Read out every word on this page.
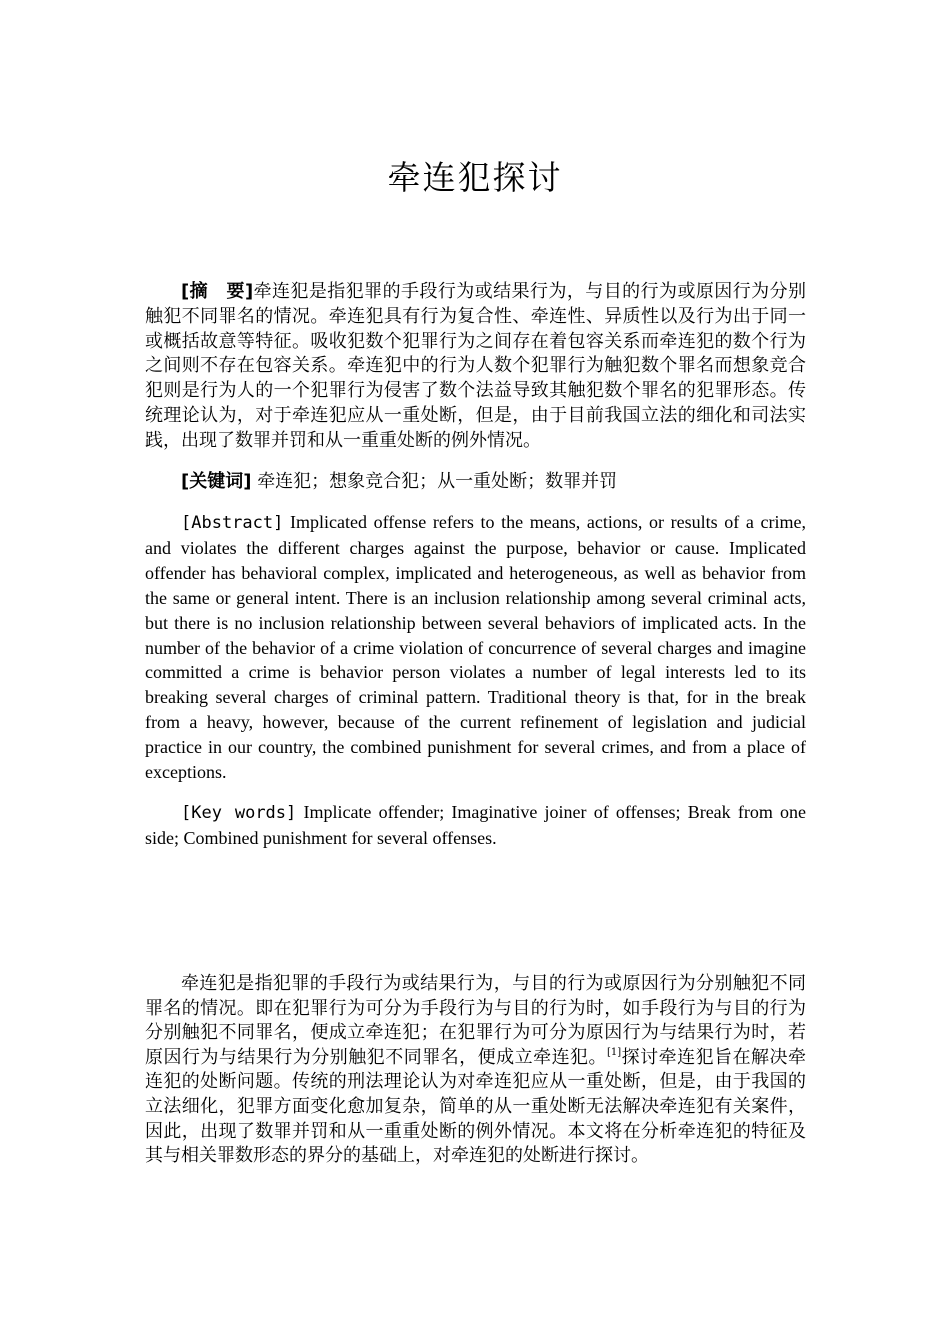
牵连犯探讨

[摘　要]牵连犯是指犯罪的手段行为或结果行为，与目的行为或原因行为分别触犯不同罪名的情况。牵连犯具有行为复合性、牵连性、异质性以及行为出于同一或概括故意等特征。吸收犯数个犯罪行为之间存在着包容关系而牵连犯的数个行为之间则不存在包容关系。牵连犯中的行为人数个犯罪行为触犯数个罪名而想象竞合犯则是行为人的一个犯罪行为侵害了数个法益导致其触犯数个罪名的犯罪形态。传统理论认为，对于牵连犯应从一重处断，但是，由于目前我国立法的细化和司法实践，出现了数罪并罚和从一重重处断的例外情况。

[关键词] 牵连犯；想象竞合犯；从一重处断；数罪并罚

[Abstract] Implicated offense refers to the means, actions, or results of a crime, and violates the different charges against the purpose, behavior or cause. Implicated offender has behavioral complex, implicated and heterogeneous, as well as behavior from the same or general intent. There is an inclusion relationship among several criminal acts, but there is no inclusion relationship between several behaviors of implicated acts. In the number of the behavior of a crime violation of concurrence of several charges and imagine committed a crime is behavior person violates a number of legal interests led to its breaking several charges of criminal pattern. Traditional theory is that, for in the break from a heavy, however, because of the current refinement of legislation and judicial practice in our country, the combined punishment for several crimes, and from a place of exceptions.

[Key words] Implicate offender; Imaginative joiner of offenses; Break from one side; Combined punishment for several offenses.

牵连犯是指犯罪的手段行为或结果行为，与目的行为或原因行为分别触犯不同罪名的情况。即在犯罪行为可分为手段行为与目的行为时，如手段行为与目的行为分别触犯不同罪名，便成立牵连犯；在犯罪行为可分为原因行为与结果行为时，若原因行为与结果行为分别触犯不同罪名，便成立牵连犯。[1]探讨牵连犯旨在解决牵连犯的处断问题。传统的刑法理论认为对牵连犯应从一重处断，但是，由于我国的立法细化，犯罪方面变化愈加复杂，简单的从一重处断无法解决牵连犯有关案件，因此，出现了数罪并罚和从一重重处断的例外情况。本文将在分析牵连犯的特征及其与相关罪数形态的界分的基础上，对牵连犯的处断进行探讨。
